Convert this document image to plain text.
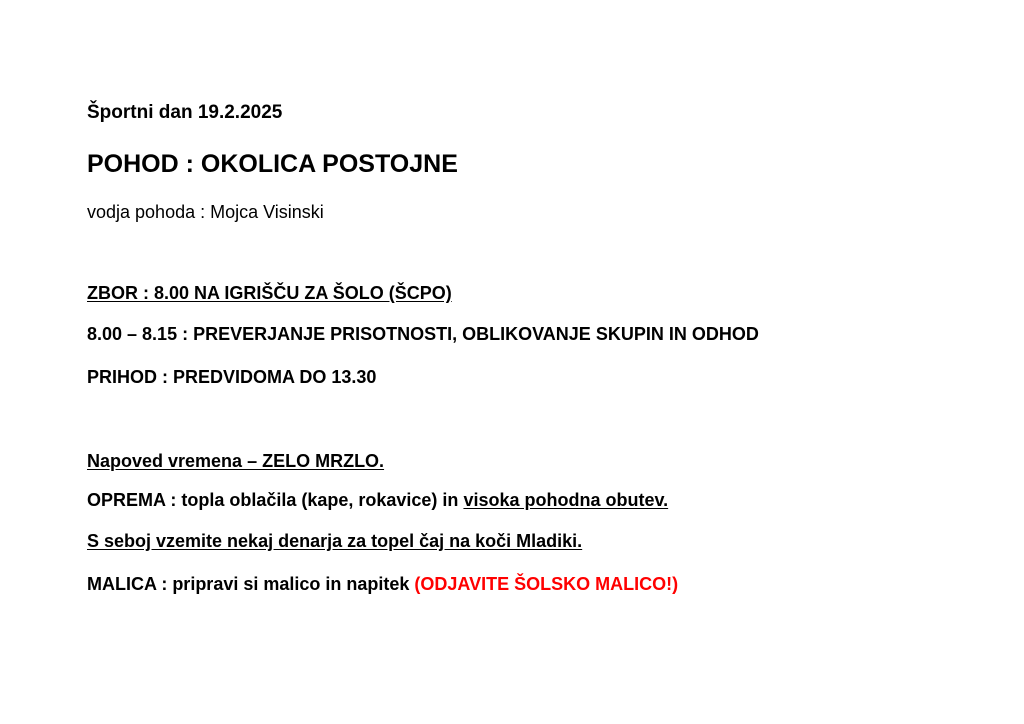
Športni dan 19.2.2025
POHOD : OKOLICA POSTOJNE
vodja pohoda : Mojca Visinski
ZBOR : 8.00 NA IGRIŠČU ZA ŠOLO (ŠCPO)
8.00 – 8.15 : PREVERJANJE PRISOTNOSTI, OBLIKOVANJE SKUPIN IN ODHOD
PRIHOD : PREDVIDOMA DO 13.30
Napoved vremena – ZELO MRZLO.
OPREMA : topla oblačila (kape, rokavice) in visoka pohodna obutev.
S seboj vzemite nekaj denarja za topel čaj na koči Mladiki.
MALICA : pripravi si malico in napitek (ODJAVITE ŠOLSKO MALICO!)
